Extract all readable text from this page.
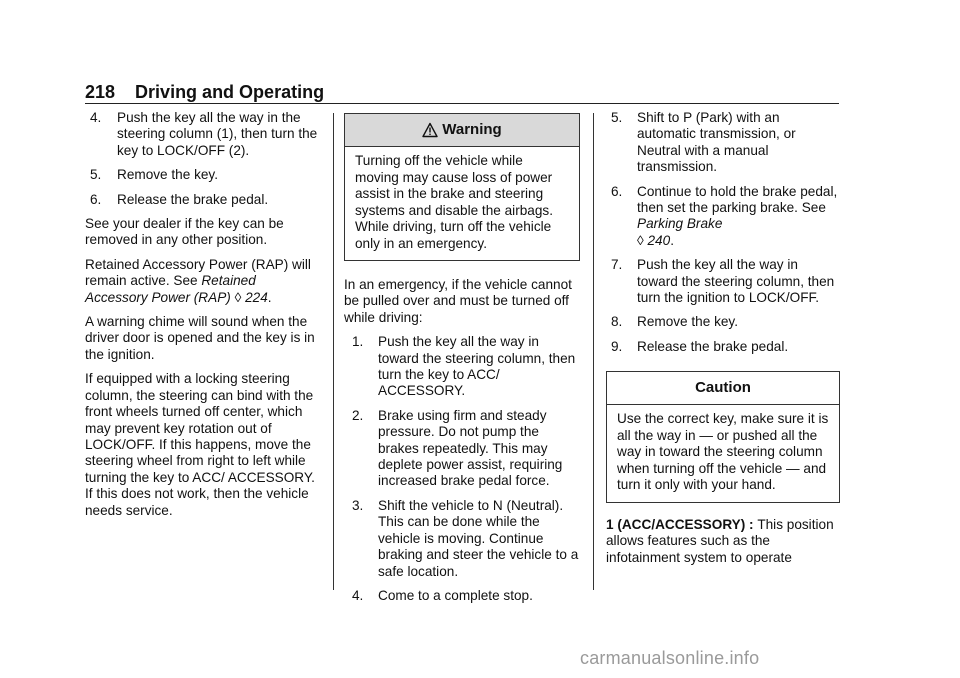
218 Driving and Operating
4.	Push the key all the way in the steering column (1), then turn the key to LOCK/OFF (2).
5.	Remove the key.
6.	Release the brake pedal.

See your dealer if the key can be removed in any other position.

Retained Accessory Power (RAP) will remain active. See Retained Accessory Power (RAP) ◊ 224.

A warning chime will sound when the driver door is opened and the key is in the ignition.

If equipped with a locking steering column, the steering can bind with the front wheels turned off center, which may prevent key rotation out of LOCK/OFF. If this happens, move the steering wheel from right to left while turning the key to ACC/ ACCESSORY. If this does not work, then the vehicle needs service.

Warning
Turning off the vehicle while moving may cause loss of power assist in the brake and steering systems and disable the airbags. While driving, turn off the vehicle only in an emergency.

In an emergency, if the vehicle cannot be pulled over and must be turned off while driving:

1.	Push the key all the way in toward the steering column, then turn the key to ACC/ ACCESSORY.
2.	Brake using firm and steady pressure. Do not pump the brakes repeatedly. This may deplete power assist, requiring increased brake pedal force.
3.	Shift the vehicle to N (Neutral). This can be done while the vehicle is moving. Continue braking and steer the vehicle to a safe location.
4.	Come to a complete stop.
5.	Shift to P (Park) with an automatic transmission, or Neutral with a manual transmission.
6.	Continue to hold the brake pedal, then set the parking brake. See Parking Brake
◊ 240.
7.	Push the key all the way in toward the steering column, then turn the ignition to LOCK/OFF.
8.	Remove the key.
9.	Release the brake pedal.
Caution
Use the correct key, make sure it is all the way in — or pushed all the way in toward the steering column when turning off the vehicle — and turn it only with your hand.

1 (ACC/ACCESSORY) : This position allows features such as the infotainment system to operate

carmanualsonline.info
